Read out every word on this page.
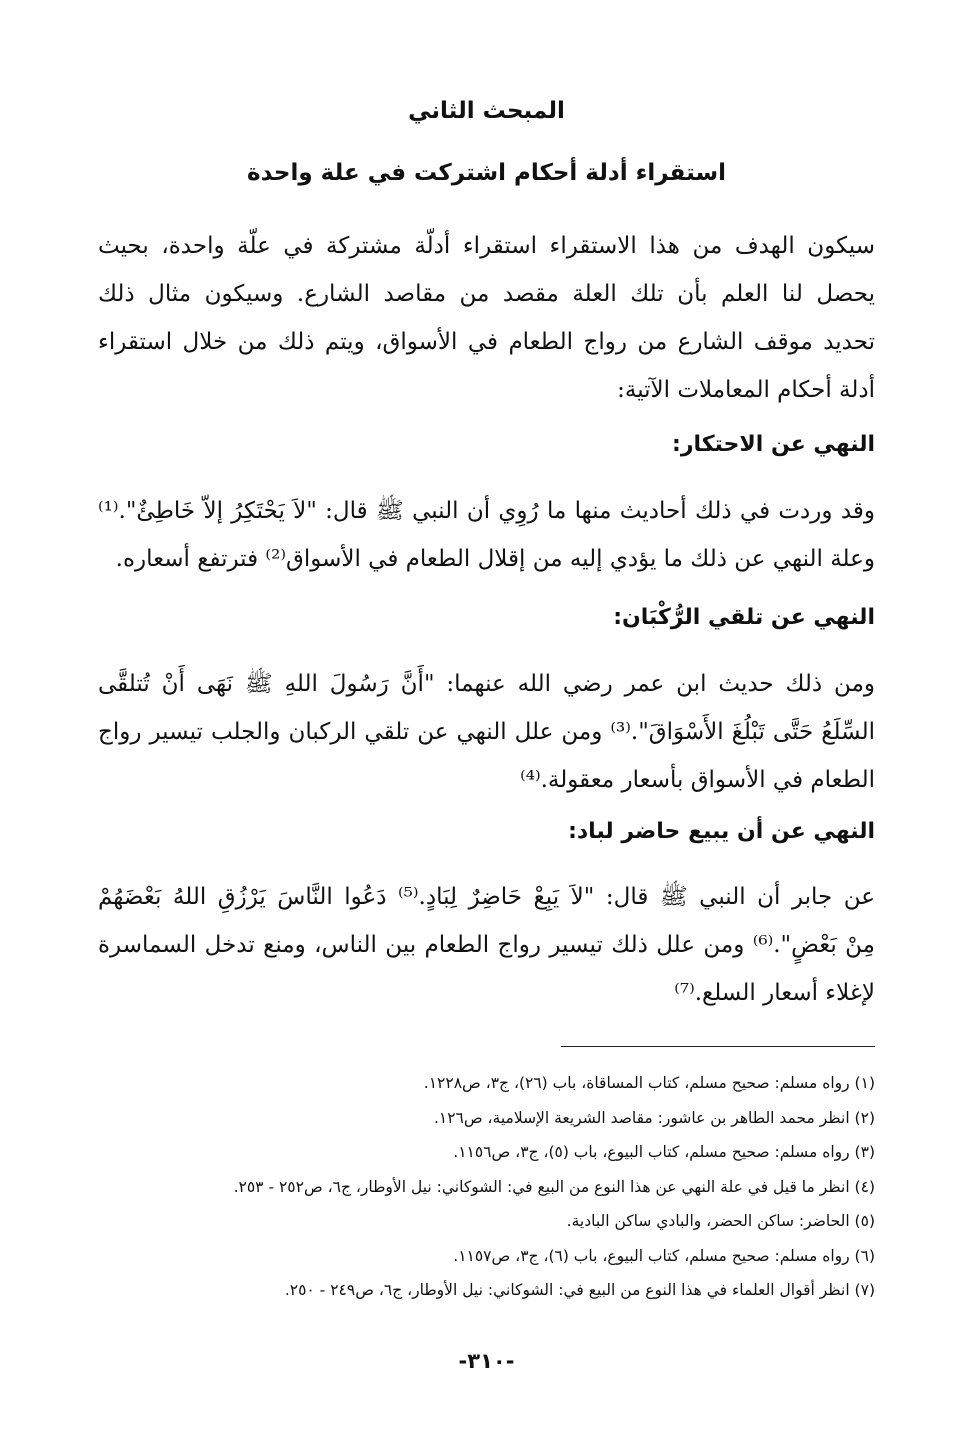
المبحث الثاني
استقراء أدلة أحكام اشتركت في علة واحدة

سيكون الهدف من هذا الاستقراء استقراء أدلّة مشتركة في علّة واحدة، بحيث
يحصل لنا العلم بأن تلك العلة مقصد من مقاصد الشارع. وسيكون مثال ذلك
تحديد موقف الشارع من رواج الطعام في الأسواق، ويتم ذلك من خلال استقراء
أدلة أحكام المعاملات الآتية:

النهي عن الاحتكار:

وقد وردت في ذلك أحاديث منها ما رُوِي أن النبي ﷺ قال: "لاَ يَحْتَكِرُ إلاّ خَاطِئٌ".⁽¹⁾
وعلة النهي عن ذلك ما يؤدي إليه من إقلال الطعام في الأسواق⁽²⁾ فترتفع أسعاره.

النهي عن تلقي الرُّكْبَان:

ومن ذلك حديث ابن عمر رضي الله عنهما: "أَنَّ رَسُولَ اللهِ ﷺ نَهَى أَنْ تُتلقَّى
السِّلَعُ حَتَّى تَبْلُغَ الأَسْوَاقَ".⁽³⁾ ومن علل النهي عن تلقي الركبان والجلب تيسير رواج
الطعام في الأسواق بأسعار معقولة.⁽⁴⁾

النهي عن أن يبيع حاضر لباد:

عن جابر أن النبي ﷺ قال: "لاَ يَبِعْ حَاضِرٌ لِبَادٍ.⁽⁵⁾ دَعُوا النَّاسَ يَرْزُقِ اللهُ بَعْضَهُمْ
مِنْ بَعْضٍ".⁽⁶⁾ ومن علل ذلك تيسير رواج الطعام بين الناس، ومنع تدخل السماسرة
لإغلاء أسعار السلع.⁽⁷⁾

(١) رواه مسلم: صحيح مسلم، كتاب المساقاة، باب (٢٦)، ج٣، ص١٢٢٨.
(٢) انظر محمد الطاهر بن عاشور: مقاصد الشريعة الإسلامية، ص١٢٦.
(٣) رواه مسلم: صحيح مسلم، كتاب البيوع، باب (٥)، ج٣، ص١١٥٦.
(٤) انظر ما قيل في علة النهي عن هذا النوع من البيع في: الشوكاني: نيل الأوطار، ج٦، ص٢٥٢ - ٢٥٣.
(٥) الحاضر: ساكن الحضر، والبادي ساكن البادية.
(٦) رواه مسلم: صحيح مسلم، كتاب البيوع، باب (٦)، ج٣، ص١١٥٧.
(٧) انظر أقوال العلماء في هذا النوع من البيع في: الشوكاني: نيل الأوطار، ج٦، ص٢٤٩ - ٢٥٠.
-٣١٠-
